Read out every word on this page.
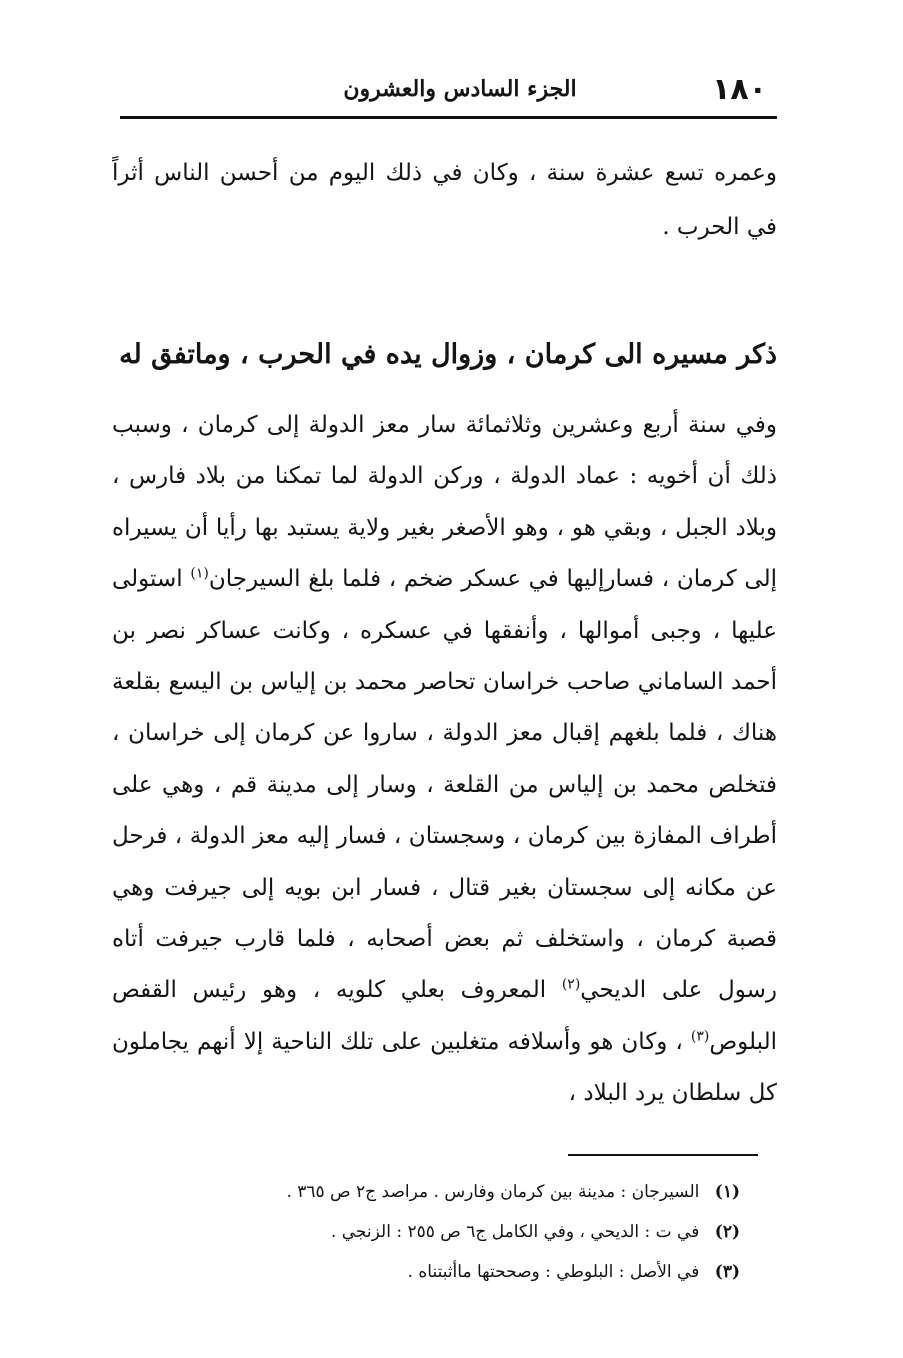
١٨٠
الجزء السادس والعشرون

وعمره تسع عشرة سنة ، وكان في ذلك اليوم من أحسن الناس أثراً في الحرب .

ذكر مسيره الى كرمان ، وزوال يده في الحرب ، وماتفق له

وفي سنة أربع وعشرين وثلاثمائة سار معز الدولة إلى كرمان ، وسبب ذلك أن أخويه : عماد الدولة ، وركن الدولة لما تمكنا من بلاد فارس ، وبلاد الجبل ، وبقي هو ، وهو الأصغر بغير ولاية يستبد بها رأيا أن يسيراه إلى كرمان ، فسارإليها في عسكر ضخم ، فلما بلغ السيرجان$^{(١)}$ استولى عليها ، وجبى أموالها ، وأنفقها في عسكره ، وكانت عساكر نصر بن أحمد الساماني صاحب خراسان تحاصر محمد بن إلياس بن اليسع بقلعة هناك ، فلما بلغهم إقبال معز الدولة ، ساروا عن كرمان إلى خراسان ، فتخلص محمد بن إلياس من القلعة ، وسار إلى مدينة قم ، وهي على أطراف المفازة بين كرمان ، وسجستان ، فسار إليه معز الدولة ، فرحل عن مكانه إلى سجستان بغير قتال ، فسار ابن بويه إلى جيرفت وهي قصبة كرمان ، واستخلف ثم بعض أصحابه ، فلما قارب جيرفت أتاه رسول على الديحي$^{(٢)}$ المعروف بعلي كلويه ، وهو رئيس القفص البلوص$^{(٣)}$ ، وكان هو وأسلافه متغلبين على تلك الناحية إلا أنهم يجاملون كل سلطان يرد البلاد ،

(١) السيرجان : مدينة بين كرمان وفارس . مراصد ج٢ ص ٣٦٥ .
(٢) في ت : الديحي ، وفي الكامل ج٦ ص ٢٥٥ : الزنجي .
(٣) في الأصل : البلوطي : وصححتها ماأثبتناه .
